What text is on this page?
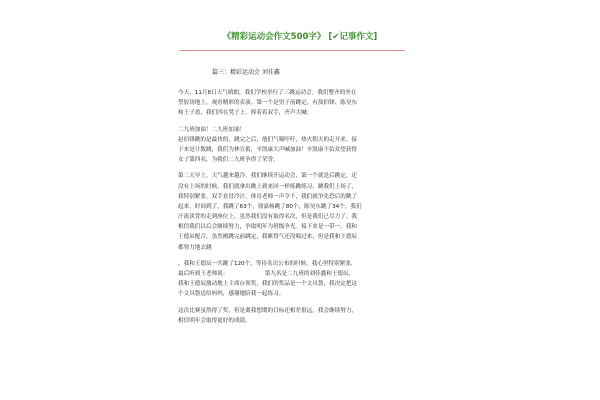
《精彩运动会作文500字》 [✔记事作文]
篇三：精彩运动会 刘佳鑫
今天，11月8日天气晴朗，我们学校举行了三跳运动会。我们整齐的坐在
塑胶场地上，观看精彩的表演。第一个是男子前跳定，有敖伯锋、陈昊东
和王子盈，我们四在凳子上，捧着着双手，齐声大喊：
二九班加油！二九班加油！
赵伯锋跳的是最快的，跳完之后，他们气喘吁吁，热火朝天的走开来。接
下来是计数跳，我们为林宣蓄，辛凯康大声喊加油！辛凯康不负众望获得
女子第四名，为我们二九班争得了荣誉。
第二天早上，天气越来越冷，我们继续开运动会，第一个就是后跳定，还
没有上场的时候，我们就拿出跳上到来回一样练跳练习。跳我们上场了，
我特别紧张，双手直冒冷汗，体育老师一声令下，我们就争先恐后的跳了
起来，时间到了，我跳了63个，徐嘉杨跳了80个，陈昊东跳了34个。我们
汗流浃背的走到座位上，虽然我们没有取得名次，但是我们已尽力了。我
相信我们以后会继续努力，争取明年为班级争光。接下来是一带一，我和
王德辰配合，虽然刚跳完前跳定，我累得气还没喘过来，但是我和王德辰
都努力地去跳
，我和王德辰一共跳了120个，等待名次公布的时候，我心里特别紧张，
最后听到王老师说：　　　　　　　第九名是二九班的刘佳鑫和王德辰，
我和王德辰激动地上主席台领奖，我们的奖品是一个文具袋，我决定把这
个文具袋送给妈妈，感谢她陪我一起练习。
这次比赛虽然得了奖，但是离我想期的目标还相差很远，我会继续努力，
相信明年会取得更好的成绩。
